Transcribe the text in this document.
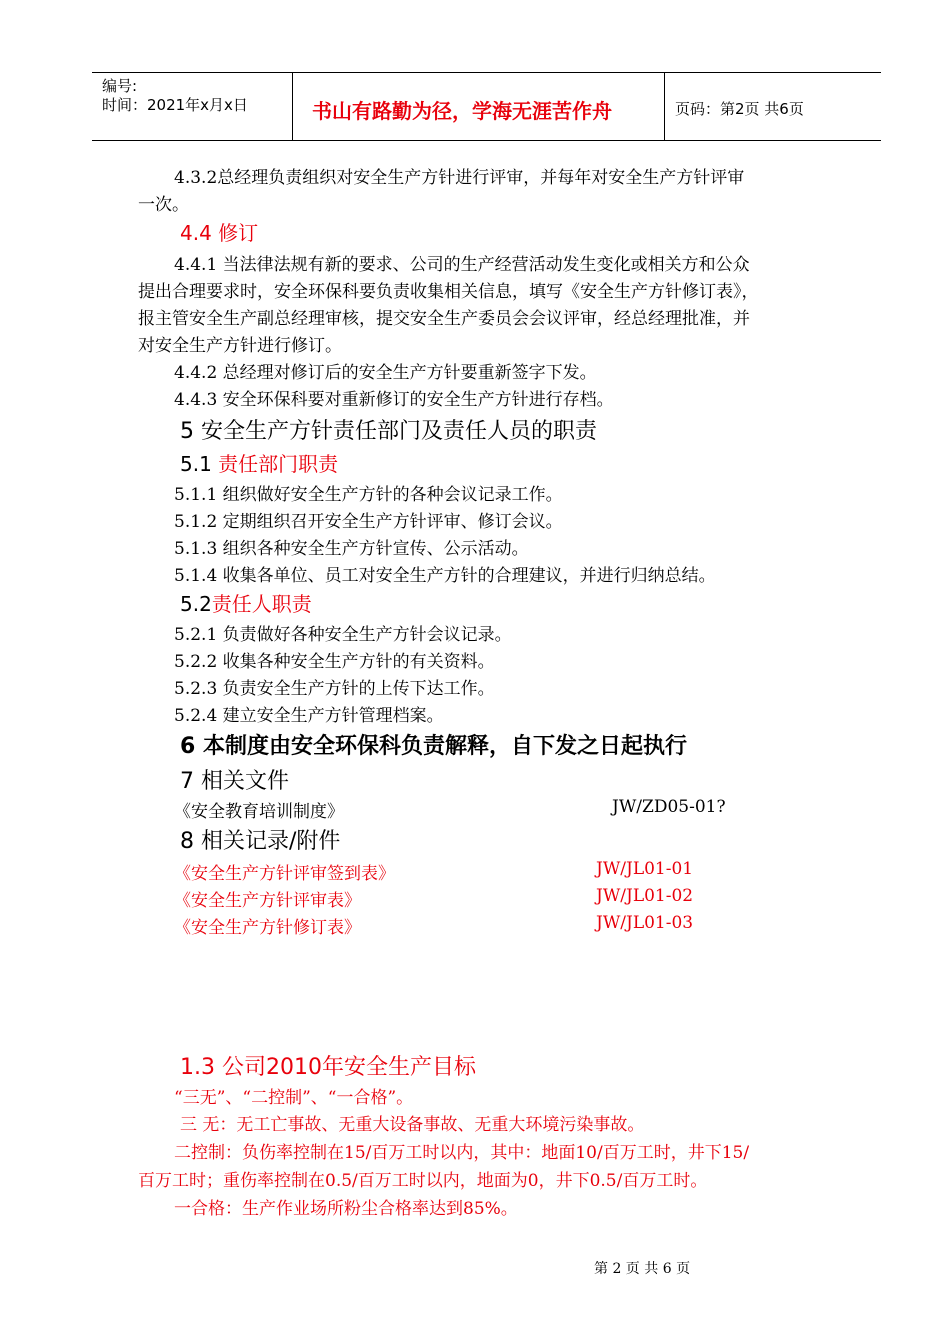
编号:
时间：2021年x月x日	书山有路勤为径，学海无涯苦作舟	页码：第2页 共6页
4.3.2总经理负责组织对安全生产方针进行评审，并每年对安全生产方针评审
一次。
4.4 修订
4.4.1 当法律法规有新的要求、公司的生产经营活动发生变化或相关方和公众
提出合理要求时，安全环保科要负责收集相关信息，填写《安全生产方针修订表》，
报主管安全生产副总经理审核，提交安全生产委员会会议评审，经总经理批准，并
对安全生产方针进行修订。
4.4.2 总经理对修订后的安全生产方针要重新签字下发。
4.4.3 安全环保科要对重新修订的安全生产方针进行存档。
5 安全生产方针责任部门及责任人员的职责
5.1 责任部门职责
5.1.1 组织做好安全生产方针的各种会议记录工作。
5.1.2 定期组织召开安全生产方针评审、修订会议。
5.1.3 组织各种安全生产方针宣传、公示活动。
5.1.4 收集各单位、员工对安全生产方针的合理建议，并进行归纳总结。
5.2责任人职责
5.2.1 负责做好各种安全生产方针会议记录。
5.2.2 收集各种安全生产方针的有关资料。
5.2.3 负责安全生产方针的上传下达工作。
5.2.4 建立安全生产方针管理档案。
6 本制度由安全环保科负责解释，自下发之日起执行
7 相关文件
《安全教育培训制度》	JW/ZD05-01?
8 相关记录/附件
《安全生产方针评审签到表》	JW/JL01-01
《安全生产方针评审表》	JW/JL01-02
《安全生产方针修订表》	JW/JL01-03
1.3 公司2010年安全生产目标
“三无”、“二控制”、“一合格”。
三 无：无工亡事故、无重大设备事故、无重大环境污染事故。
二控制：负伤率控制在15/百万工时以内，其中：地面10/百万工时，井下15/
百万工时；重伤率控制在0.5/百万工时以内，地面为0，井下0.5/百万工时。
一合格：生产作业场所粉尘合格率达到85%。
第 2 页 共 6 页
